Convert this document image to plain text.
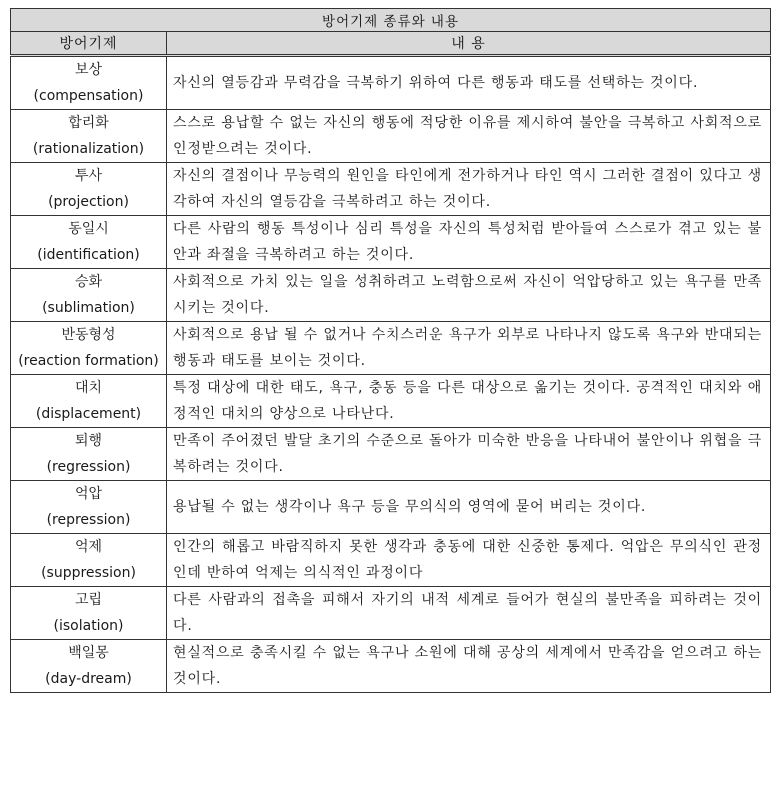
방어기제 종류와 내용	
방어기제	내 용

보상
(compensation)	자신의 열등감과 무력감을 극복하기 위하여 다른 행동과 태도를 선택하는 것이다.

합리화
(rationalization)	스스로 용납할 수 없는 자신의 행동에 적당한 이유를 제시하여 불안을 극복하고 사회적으로 인정받으려는 것이다.

투사
(projection)	자신의 결점이나 무능력의 원인을 타인에게 전가하거나 타인 역시 그러한 결점이 있다고 생각하여 자신의 열등감을 극복하려고 하는 것이다.

동일시
(identification)	다른 사람의 행동 특성이나 심리 특성을 자신의 특성처럼 받아들여 스스로가 겪고 있는 불안과 좌절을 극복하려고 하는 것이다.

승화
(sublimation)	사회적으로 가치 있는 일을 성취하려고 노력함으로써 자신이 억압당하고 있는 욕구를 만족시키는 것이다.

반동형성
(reaction formation)	사회적으로 용납 될 수 없거나 수치스러운 욕구가 외부로 나타나지 않도록 욕구와 반대되는 행동과 태도를 보이는 것이다.

대치
(displacement)	특정 대상에 대한 태도, 욕구, 충동 등을 다른 대상으로 옮기는 것이다. 공격적인 대치와 애정적인 대치의 양상으로 나타난다.

퇴행
(regression)	만족이 주어졌던 발달 초기의 수준으로 돌아가 미숙한 반응을 나타내어 불안이나 위협을 극복하려는 것이다.

억압
(repression)	용납될 수 없는 생각이나 욕구 등을 무의식의 영역에 묻어 버리는 것이다.

억제
(suppression)	인간의 해롭고 바람직하지 못한 생각과 충동에 대한 신중한 통제다. 억압은 무의식인 관정인데 반하여 억제는 의식적인 과정이다

고립
(isolation)	다른 사람과의 접촉을 피해서 자기의 내적 세계로 들어가 현실의 불만족을 피하려는 것이다.

백일몽
(day-dream)	현실적으로 충족시킬 수 없는 욕구나 소원에 대해 공상의 세계에서 만족감을 얻으려고 하는 것이다.
